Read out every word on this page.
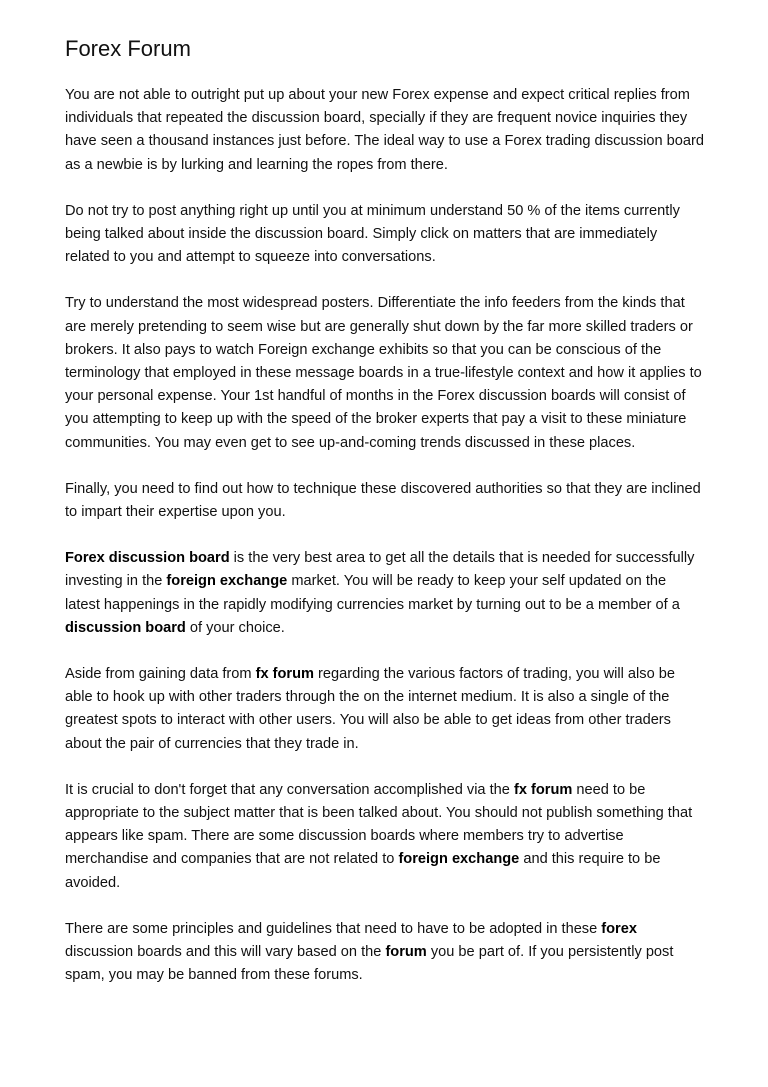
Forex Forum

You are not able to outright put up about your new Forex expense and expect critical replies from individuals that repeated the discussion board, specially if they are frequent novice inquiries they have seen a thousand instances just before. The ideal way to use a Forex trading discussion board as a newbie is by lurking and learning the ropes from there.

Do not try to post anything right up until you at minimum understand 50 % of the items currently being talked about inside the discussion board. Simply click on matters that are immediately related to you and attempt to squeeze into conversations.

Try to understand the most widespread posters. Differentiate the info feeders from the kinds that are merely pretending to seem wise but are generally shut down by the far more skilled traders or brokers. It also pays to watch Foreign exchange exhibits so that you can be conscious of the terminology that employed in these message boards in a true-lifestyle context and how it applies to your personal expense. Your 1st handful of months in the Forex discussion boards will consist of you attempting to keep up with the speed of the broker experts that pay a visit to these miniature communities. You may even get to see up-and-coming trends discussed in these places.

Finally, you need to find out how to technique these discovered authorities so that they are inclined to impart their expertise upon you.

Forex discussion board is the very best area to get all the details that is needed for successfully investing in the foreign exchange market. You will be ready to keep your self updated on the latest happenings in the rapidly modifying currencies market by turning out to be a member of a discussion board of your choice.

Aside from gaining data from fx forum regarding the various factors of trading, you will also be able to hook up with other traders through the on the internet medium. It is also a single of the greatest spots to interact with other users. You will also be able to get ideas from other traders about the pair of currencies that they trade in.

It is crucial to don't forget that any conversation accomplished via the fx forum need to be appropriate to the subject matter that is been talked about. You should not publish something that appears like spam. There are some discussion boards where members try to advertise merchandise and companies that are not related to foreign exchange and this require to be avoided.

There are some principles and guidelines that need to have to be adopted in these forex discussion boards and this will vary based on the forum you be part of. If you persistently post spam, you may be banned from these forums.
